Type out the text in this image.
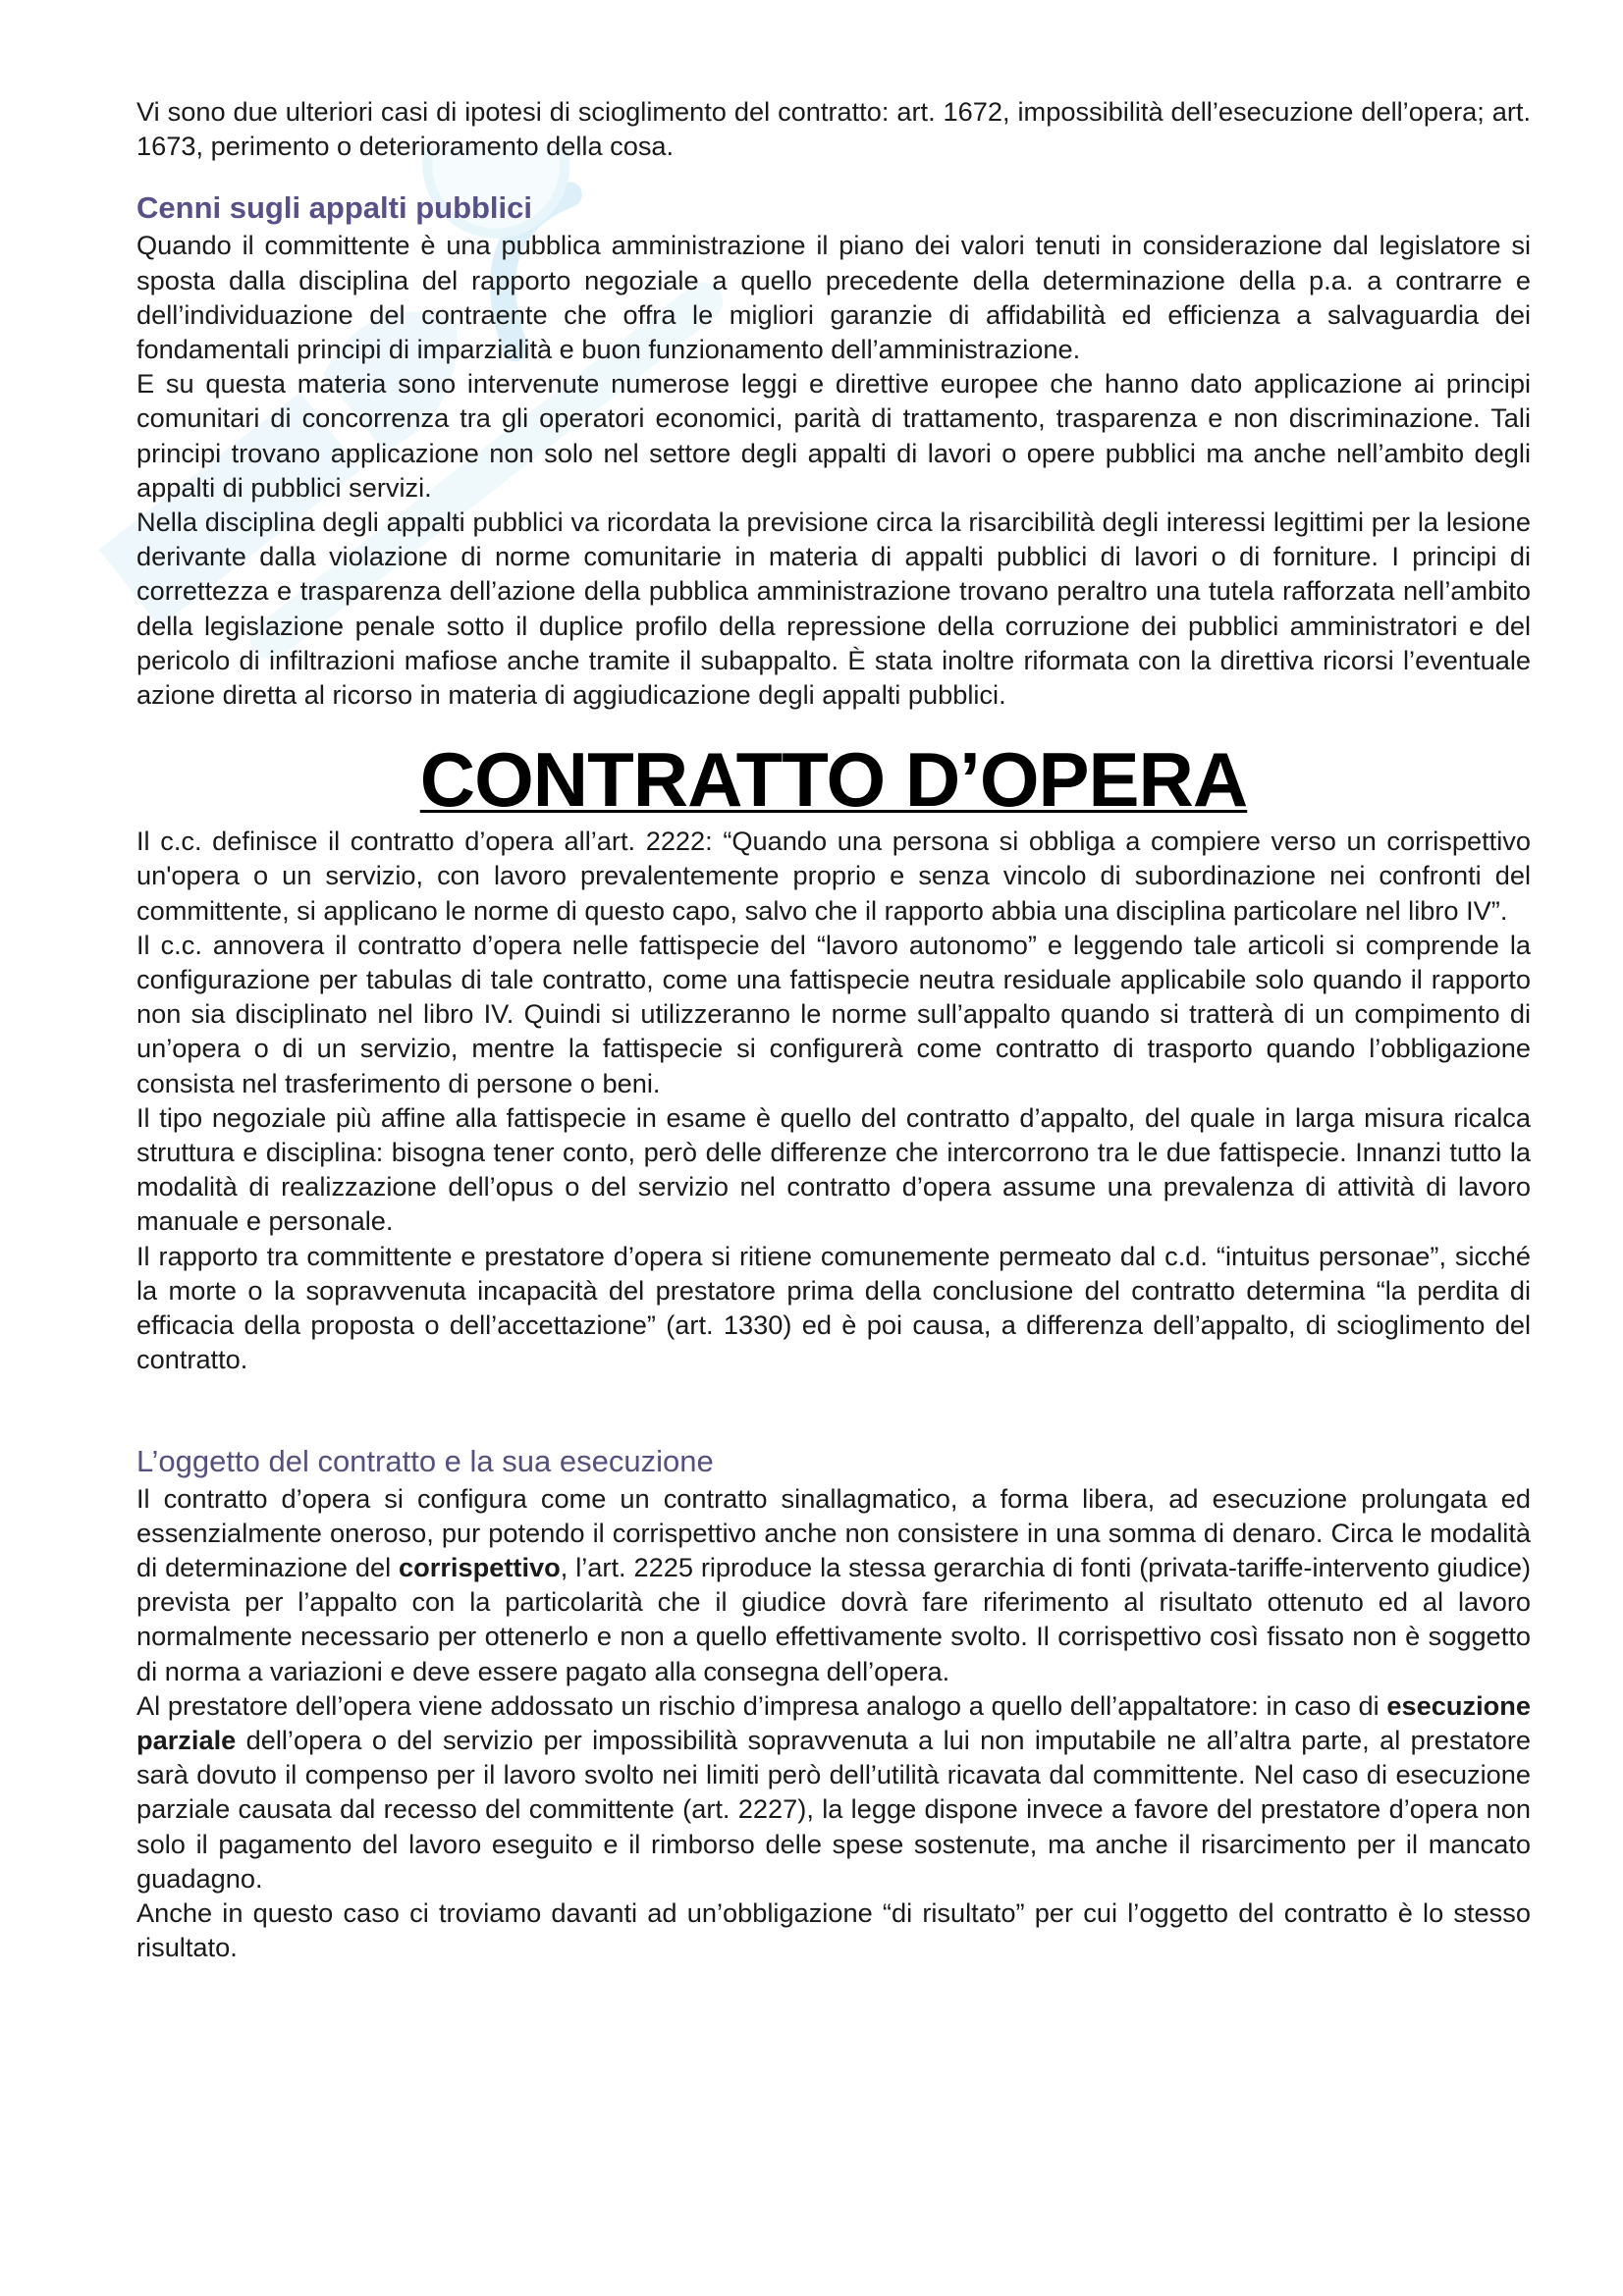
Vi sono due ulteriori casi di ipotesi di scioglimento del contratto: art. 1672, impossibilità dell’esecuzione dell’opera; art. 1673, perimento o deterioramento della cosa.

Cenni sugli appalti pubblici

Quando il committente è una pubblica amministrazione il piano dei valori tenuti in considerazione dal legislatore si sposta dalla disciplina del rapporto negoziale a quello precedente della determinazione della p.a. a contrarre e dell’individuazione del contraente che offra le migliori garanzie di affidabilità ed efficienza a salvaguardia dei fondamentali principi di imparzialità e buon funzionamento dell’amministrazione.

E su questa materia sono intervenute numerose leggi e direttive europee che hanno dato applicazione ai principi comunitari di concorrenza tra gli operatori economici, parità di trattamento, trasparenza e non discriminazione. Tali principi trovano applicazione non solo nel settore degli appalti di lavori o opere pubblici ma anche nell’ambito degli appalti di pubblici servizi.

Nella disciplina degli appalti pubblici va ricordata la previsione circa la risarcibilità degli interessi legittimi per la lesione derivante dalla violazione di norme comunitarie in materia di appalti pubblici di lavori o di forniture. I principi di correttezza e trasparenza dell’azione della pubblica amministrazione trovano peraltro una tutela rafforzata nell’ambito della legislazione penale sotto il duplice profilo della repressione della corruzione dei pubblici amministratori e del pericolo di infiltrazioni mafiose anche tramite il subappalto. È stata inoltre riformata con la direttiva ricorsi l’eventuale azione diretta al ricorso in materia di aggiudicazione degli appalti pubblici.

CONTRATTO D’OPERA

Il c.c. definisce il contratto d’opera all’art. 2222: “Quando una persona si obbliga a compiere verso un corrispettivo un'opera o un servizio, con lavoro prevalentemente proprio e senza vincolo di subordinazione nei confronti del committente, si applicano le norme di questo capo, salvo che il rapporto abbia una disciplina particolare nel libro IV”.

Il c.c. annovera il contratto d’opera nelle fattispecie del “lavoro autonomo” e leggendo tale articoli si comprende la configurazione per tabulas di tale contratto, come una fattispecie neutra residuale applicabile solo quando il rapporto non sia disciplinato nel libro IV. Quindi si utilizzeranno le norme sull’appalto quando si tratterà di un compimento di un’opera o di un servizio, mentre la fattispecie si configurerà come contratto di trasporto quando l’obbligazione consista nel trasferimento di persone o beni.

Il tipo negoziale più affine alla fattispecie in esame è quello del contratto d’appalto, del quale in larga misura ricalca struttura e disciplina: bisogna tener conto, però delle differenze che intercorrono tra le due fattispecie. Innanzi tutto la modalità di realizzazione dell’opus o del servizio nel contratto d’opera assume una prevalenza di attività di lavoro manuale e personale.

Il rapporto tra committente e prestatore d’opera si ritiene comunemente permeato dal c.d. “intuitus personae”, sicché la morte o la sopravvenuta incapacità del prestatore prima della conclusione del contratto determina “la perdita di efficacia della proposta o dell’accettazione” (art. 1330) ed è poi causa, a differenza dell’appalto, di scioglimento del contratto.

L’oggetto del contratto e la sua esecuzione

Il contratto d’opera si configura come un contratto sinallagmatico, a forma libera, ad esecuzione prolungata ed essenzialmente oneroso, pur potendo il corrispettivo anche non consistere in una somma di denaro. Circa le modalità di determinazione del corrispettivo, l’art. 2225 riproduce la stessa gerarchia di fonti (privata-tariffe-intervento giudice) prevista per l’appalto con la particolarità che il giudice dovrà fare riferimento al risultato ottenuto ed al lavoro normalmente necessario per ottenerlo e non a quello effettivamente svolto. Il corrispettivo così fissato non è soggetto di norma a variazioni e deve essere pagato alla consegna dell’opera.

Al prestatore dell’opera viene addossato un rischio d’impresa analogo a quello dell’appaltatore: in caso di esecuzione parziale dell’opera o del servizio per impossibilità sopravvenuta a lui non imputabile ne all’altra parte, al prestatore sarà dovuto il compenso per il lavoro svolto nei limiti però dell’utilità ricavata dal committente. Nel caso di esecuzione parziale causata dal recesso del committente (art. 2227), la legge dispone invece a favore del prestatore d’opera non solo il pagamento del lavoro eseguito e il rimborso delle spese sostenute, ma anche il risarcimento per il mancato guadagno.

Anche in questo caso ci troviamo davanti ad un’obbligazione “di risultato” per cui l’oggetto del contratto è lo stesso risultato.
